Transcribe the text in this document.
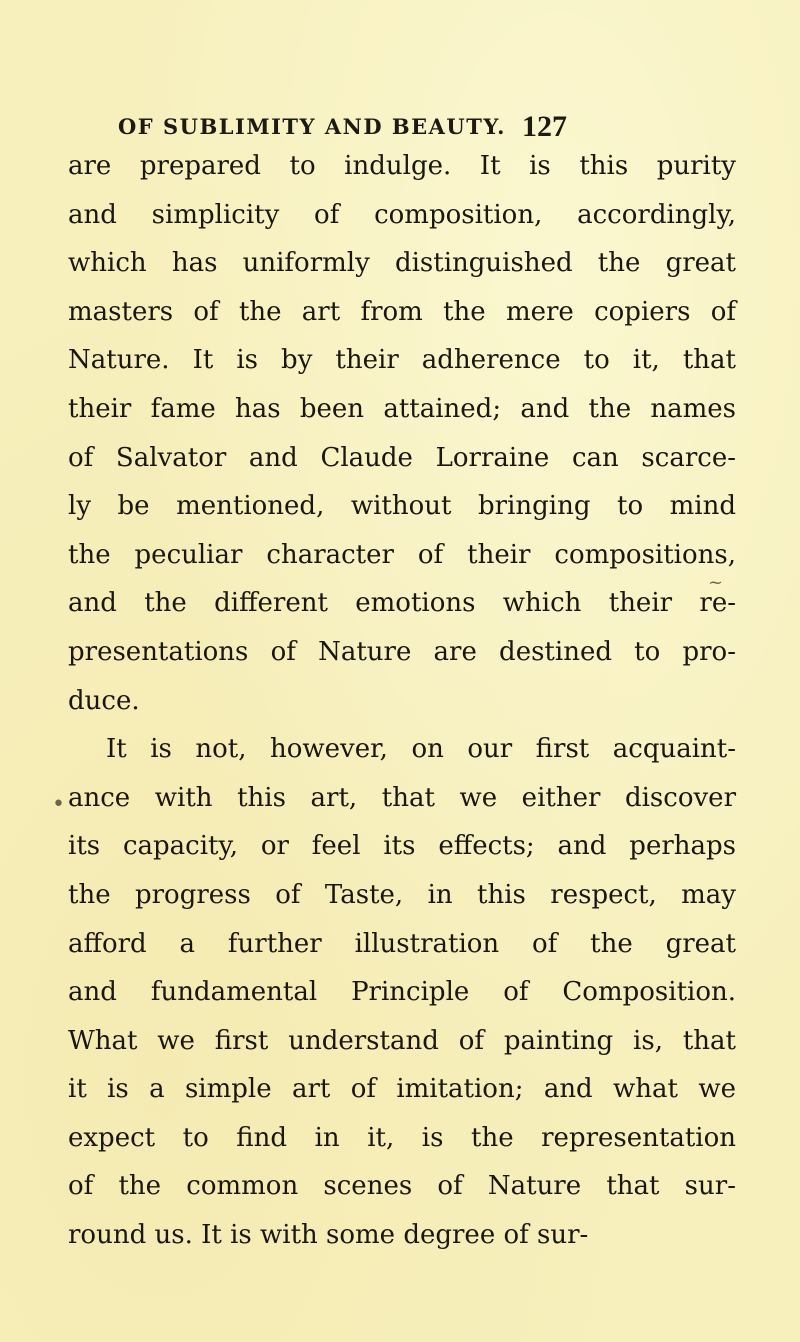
OF SUBLIMITY AND BEAUTY. 127
are prepared to indulge. It is this purity
and simplicity of composition, accordingly,
which has uniformly distinguished the great
masters of the art from the mere copiers of
Nature. It is by their adherence to it, that
their fame has been attained; and the names
of Salvator and Claude Lorraine can scarce-
ly be mentioned, without bringing to mind
the peculiar character of their compositions,
and the different emotions which their re-
presentations of Nature are destined to pro-
duce.
It is not, however, on our first acquaint-
ance with this art, that we either discover
its capacity, or feel its effects; and perhaps
the progress of Taste, in this respect, may
afford a further illustration of the great
and fundamental Principle of Composition.
What we first understand of painting is, that
it is a simple art of imitation; and what we
expect to find in it, is the representation
of the common scenes of Nature that sur-
round us. It is with some degree of sur-
~
•
